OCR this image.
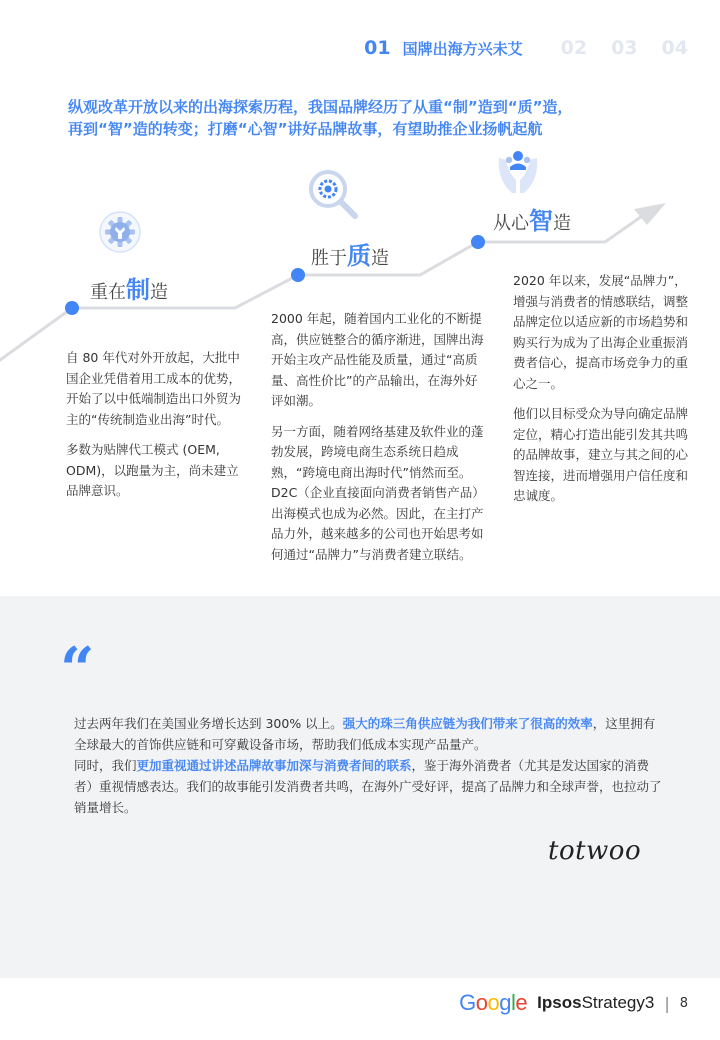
01 国牌出海方兴未艾 02 03 04
纵观改革开放以来的出海探索历程，我国品牌经历了从重“制”造到“质”造，
再到“智”造的转变；打磨“心智”讲好品牌故事，有望助推企业扬帆起航
重在制造
胜于质造
从心智造

自 80 年代对外开放起，大批中国企业凭借着用工成本的优势，开始了以中低端制造出口外贸为主的“传统制造业出海”时代。

多数为贴牌代工模式 (OEM, ODM)，以跑量为主，尚未建立品牌意识。

2000 年起，随着国内工业化的不断提高，供应链整合的循序渐进，国牌出海开始主攻产品性能及质量，通过“高质量、高性价比”的产品输出，在海外好评如潮。

另一方面，随着网络基建及软件业的蓬勃发展，跨境电商生态系统日趋成熟，“跨境电商出海时代”悄然而至。D2C（企业直接面向消费者销售产品）出海模式也成为必然。因此，在主打产品力外，越来越多的公司也开始思考如何通过“品牌力”与消费者建立联结。

2020 年以来，发展“品牌力”，增强与消费者的情感联结，调整品牌定位以适应新的市场趋势和购买行为成为了出海企业重振消费者信心，提高市场竞争力的重心之一。

他们以目标受众为导向确定品牌定位，精心打造出能引发其共鸣的品牌故事，建立与其之间的心智连接，进而增强用户信任度和忠诚度。

“
过去两年我们在美国业务增长达到 300% 以上。强大的珠三角供应链为我们带来了很高的效率，这里拥有全球最大的首饰供应链和可穿戴设备市场，帮助我们低成本实现产品量产。
同时，我们更加重视通过讲述品牌故事加深与消费者间的联系，鉴于海外消费者（尤其是发达国家的消费者）重视情感表达。我们的故事能引发消费者共鸣，在海外广受好评，提高了品牌力和全球声誉，也拉动了销量增长。
totwoo
Google IpsosStrategy3 | 8
